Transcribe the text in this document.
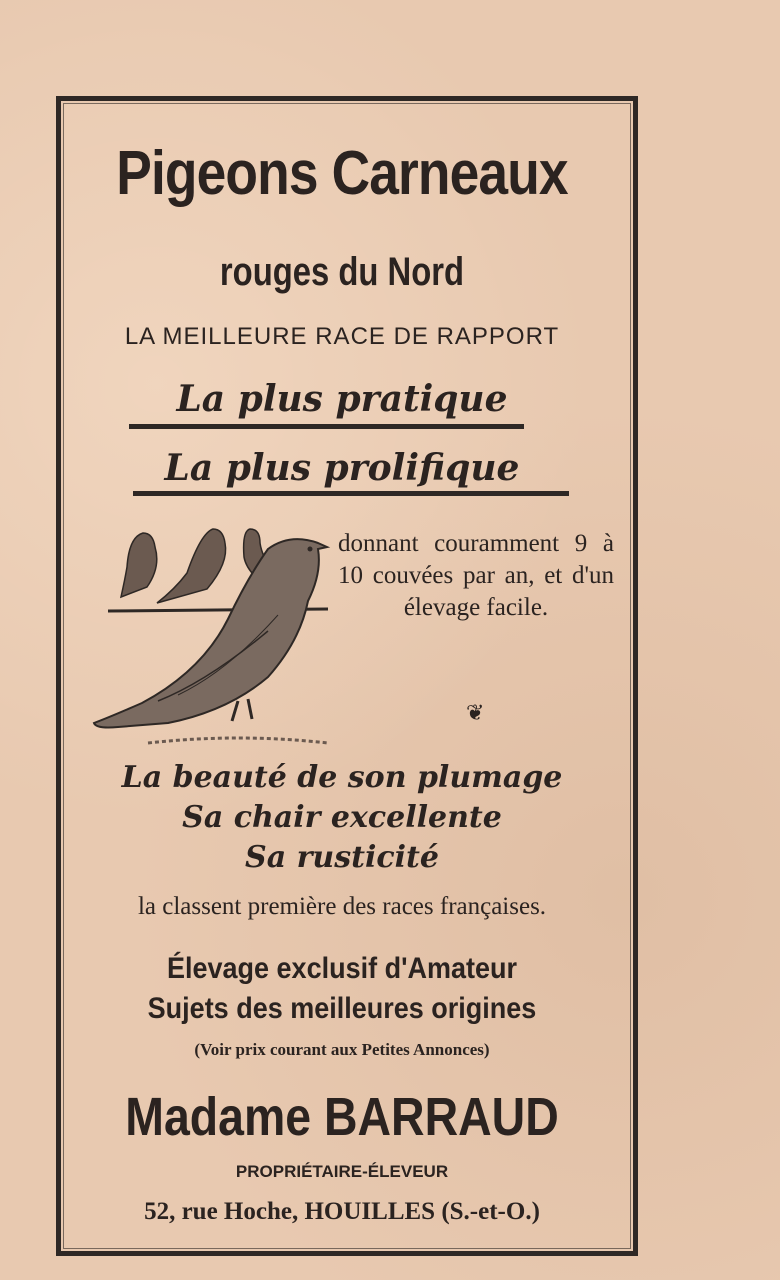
Pigeons Carneaux
rouges du Nord
LA MEILLEURE RACE DE RAPPORT
La plus pratique
La plus prolifique
donnant couramment 9 à 10 couvées par an, et d'un élevage facile.
❦
La beauté de son plumage
Sa chair excellente
Sa rusticité
la classent première des races françaises.
Élevage exclusif d'Amateur
Sujets des meilleures origines
(Voir prix courant aux Petites Annonces)
Madame BARRAUD
PROPRIÉTAIRE-ÉLEVEUR
52, rue Hoche, HOUILLES (S.-et-O.)
